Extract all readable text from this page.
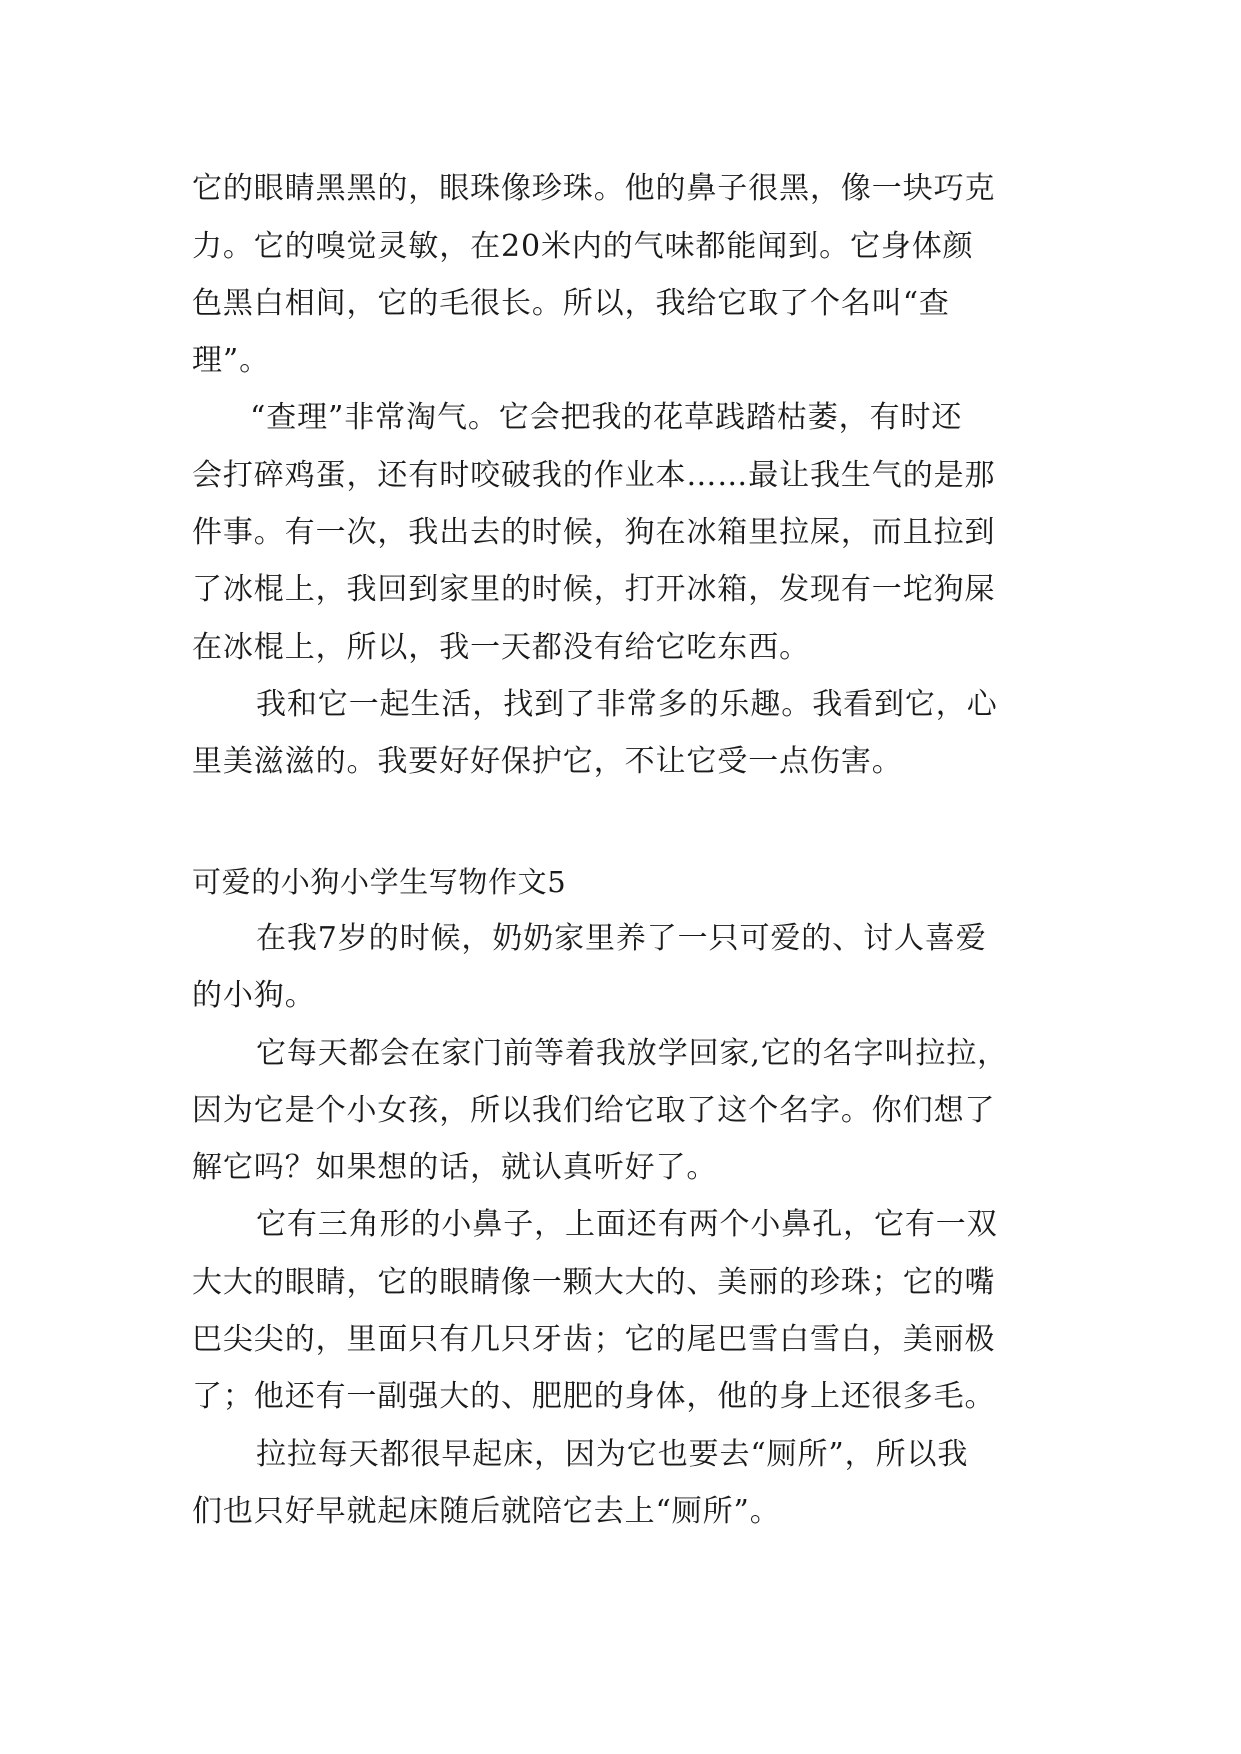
它的眼睛黑黑的，眼珠像珍珠。他的鼻子很黑，像一块巧克
力。它的嗅觉灵敏，在20米内的气味都能闻到。它身体颜
色黑白相间，它的毛很长。所以，我给它取了个名叫“查
理”。
“查理”非常淘气。它会把我的花草践踏枯萎，有时还
会打碎鸡蛋，还有时咬破我的作业本……最让我生气的是那
件事。有一次，我出去的时候，狗在冰箱里拉屎，而且拉到
了冰棍上，我回到家里的时候，打开冰箱，发现有一坨狗屎
在冰棍上，所以，我一天都没有给它吃东西。
我和它一起生活，找到了非常多的乐趣。我看到它，心
里美滋滋的。我要好好保护它，不让它受一点伤害。
可爱的小狗小学生写物作文5
在我7岁的时候，奶奶家里养了一只可爱的、讨人喜爱
的小狗。
它每天都会在家门前等着我放学回家,它的名字叫拉拉，
因为它是个小女孩，所以我们给它取了这个名字。你们想了
解它吗？如果想的话，就认真听好了。
它有三角形的小鼻子，上面还有两个小鼻孔，它有一双
大大的眼睛，它的眼睛像一颗大大的、美丽的珍珠；它的嘴
巴尖尖的，里面只有几只牙齿；它的尾巴雪白雪白，美丽极
了；他还有一副强大的、肥肥的身体，他的身上还很多毛。
拉拉每天都很早起床，因为它也要去“厕所”，所以我
们也只好早就起床随后就陪它去上“厕所”。
